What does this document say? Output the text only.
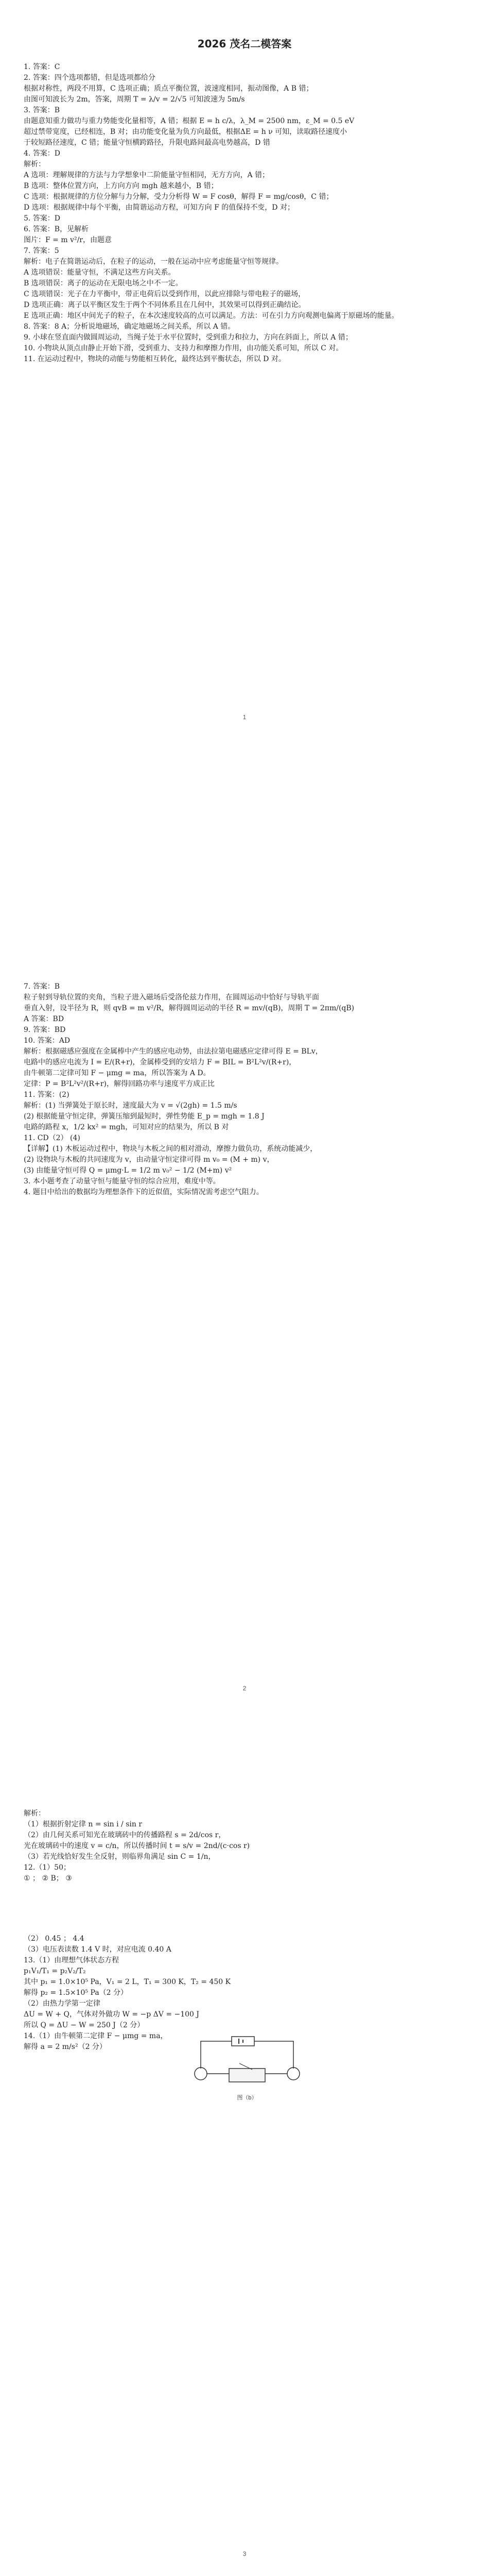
2026 茂名二模答案
1. 答案：C
2. 答案：四个选项都错，但是选项都给分
根据对称性，两段不用算，C 选项正确；质点平衡位置，波速度相同，振动图像，A B 错；
由图可知波长为 2m，答案，周期 T = λ/v = 2/√5 可知波速为 5m/s
3. 答案：B
由题意知重力做功与重力势能变化量相等，A 错；根据 E = h c/λ，λ_M = 2500 nm，ε_M = 0.5 eV
超过禁带宽度，已经相连，B 对；由功能变化量为负方向最低，根据ΔE = h ν 可知，读取路径速度小
于较短路径速度，C 错；能量守恒横跨路径，升限电路间最高电势越高，D 错
4. 答案：D
解析：
A 选项：理解规律的方法与力学想象中二阶能量守恒相同，无方方向，A 错；
B 选项：整体位置方向，上方向方向 mgh 越来越小，B 错；
C 选项：根据规律的方位分解与力分解，受力分析得 W = F cosθ，解得 F = mg/cosθ，C 错；
D 选项：根据规律中每个平衡，由简谐运动方程，可知方向 F 的值保持不变，D 对；
5. 答案：D
6. 答案：B，见解析
图片：F = m v²/r，由题意
7. 答案：5
解析：电子在简谐运动后，在粒子的运动，一般在运动中应考虑能量守恒等规律。
A 选项错误：能量守恒，不满足这些方向关系。
B 选项错误：离子的运动在无限电场之中不一定。
C 选项错误：光子在力平衡中，带正电荷后以受到作用，以此应排除与带电粒子的磁场，
D 选项正确：离子以平衡区发生于两个不同体系且在几何中，其效果可以得到正确结论。
E 选项正确：地区中间光子的粒子，在本次速度较高的点可以满足。方法：可在引力方向观测电偏离于原磁场的能量。
8. 答案：8 A；分析说地磁场，确定地磁场之间关系，所以 A 错。
9. 小球在竖直面内做圆周运动，当绳子处于水平位置时，受到重力和拉力，方向在斜面上，所以 A 错；
10. 小物块从顶点由静止开始下滑，受到重力、支持力和摩擦力作用，由功能关系可知，所以 C 对。
11. 在运动过程中，物块的动能与势能相互转化，最终达到平衡状态，所以 D 对。
1
7. 答案：B
粒子射到导轨位置的夹角，当粒子进入磁场后受洛伦兹力作用，在圆周运动中恰好与导轨平面
垂直入射，设半径为 R，则 qvB = m v²/R，解得圆周运动的半径 R = mv/(qB)，周期 T = 2πm/(qB)
A 答案：BD
9. 答案：BD
10. 答案：AD
解析：根据磁感应强度在金属棒中产生的感应电动势，由法拉第电磁感应定律可得 E = BLv，
电路中的感应电流为 I = E/(R+r)，金属棒受到的安培力 F = BIL = B²L²v/(R+r)，
由牛顿第二定律可知 F − μmg = ma，所以答案为 A D。
定律：P = B²L²v²/(R+r)，解得回路功率与速度平方成正比
11. 答案：(2)
解析：(1) 当弹簧处于原长时，速度最大为 v = √(2gh) = 1.5 m/s
(2) 根据能量守恒定律，弹簧压缩到最短时，弹性势能 E_p = mgh = 1.8 J
电路的路程 x，1/2 kx² = mgh，可知对应的结果为，所以 B 对
11. CD（2） (4)
【详解】(1) 木板运动过程中，物块与木板之间的相对滑动，摩擦力做负功，系统动能减少，
(2) 设物块与木板的共同速度为 v，由动量守恒定律可得 m v₀ = (M + m) v，
(3) 由能量守恒可得 Q = μmg·L = 1/2 m v₀² − 1/2 (M+m) v²
3. 本小题考查了动量守恒与能量守恒的综合应用，难度中等。
4. 题目中给出的数据均为理想条件下的近似值，实际情况需考虑空气阻力。
2
解析：
（1）根据折射定律 n = sin i / sin r
（2）由几何关系可知光在玻璃砖中的传播路程 s = 2d/cos r，
光在玻璃砖中的速度 v = c/n，所以传播时间 t = s/v = 2nd/(c·cos r)
（3）若光线恰好发生全反射，则临界角满足 sin C = 1/n，
12.（1）50；
① ； ② B； ③
（2） 0.45 ； 4.4
（3）电压表读数 1.4 V 时，对应电流 0.40 A
13.（1）由理想气体状态方程
p₁V₁/T₁ = p₂V₂/T₂
其中 p₁ = 1.0×10⁵ Pa，V₁ = 2 L，T₁ = 300 K，T₂ = 450 K
解得 p₂ = 1.5×10⁵ Pa（2 分）
（2）由热力学第一定律
ΔU = W + Q，气体对外做功 W = −p ΔV = −100 J
所以 Q = ΔU − W = 250 J（2 分）
14.（1）由牛顿第二定律 F − μmg = ma，
解得 a = 2 m/s²（2 分）
图（b）
3
